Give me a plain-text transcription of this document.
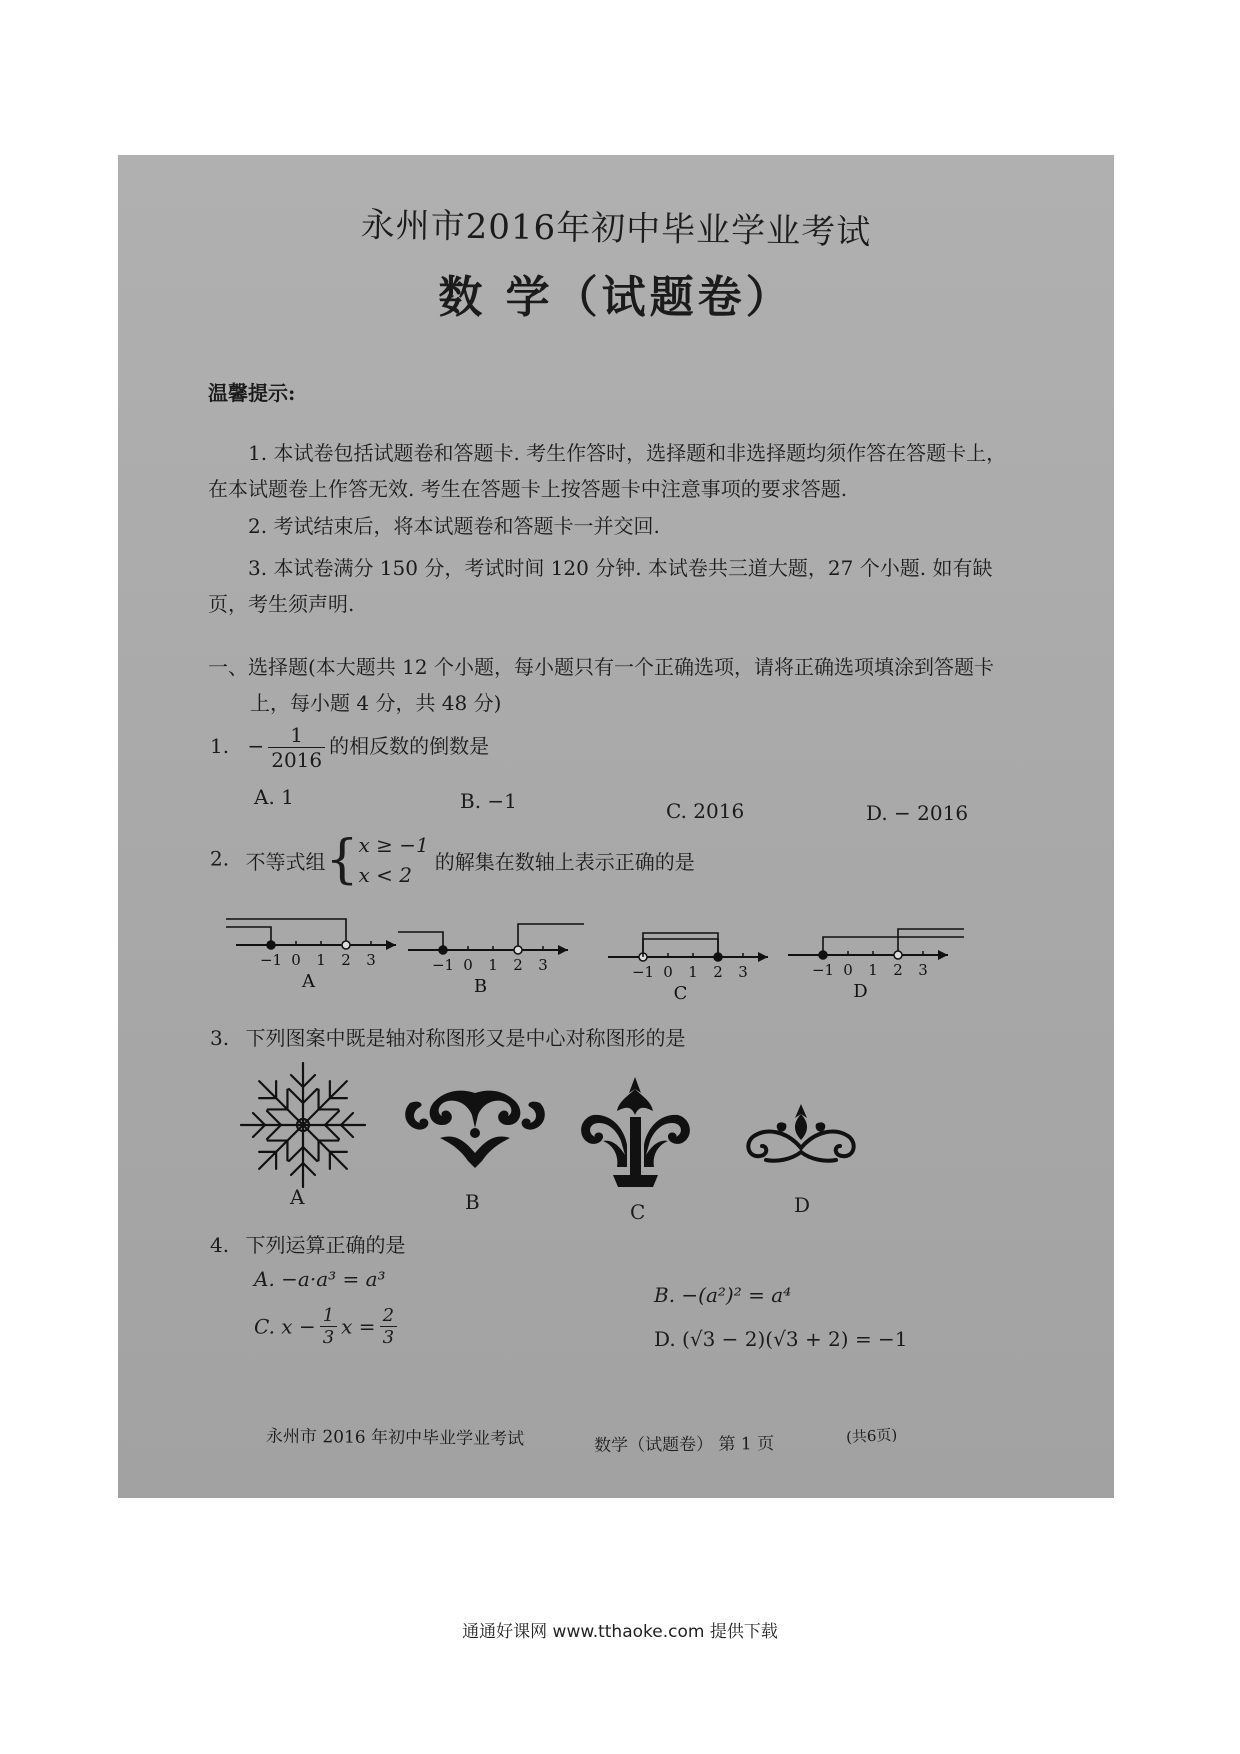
永州市2016年初中毕业学业考试
数 学（试题卷）
温馨提示:
1. 本试卷包括试题卷和答题卡. 考生作答时，选择题和非选择题均须作答在答题卡上，
在本试题卷上作答无效. 考生在答题卡上按答题卡中注意事项的要求答题.
2. 考试结束后，将本试题卷和答题卡一并交回.
3. 本试卷满分 150 分，考试时间 120 分钟. 本试卷共三道大题，27 个小题. 如有缺
页，考生须声明.
一、选择题(本大题共 12 个小题，每小题只有一个正确选项，请将正确选项填涂到答题卡
上，每小题 4 分，共 48 分)
1. − $\frac{1}{2016}$ 的相反数的倒数是
A. 1	B. −1	C. 2016	D. − 2016
2. 不等式组{ x ≥ −1
x < 2
的解集在数轴上表示正确的是
−1 0 1 2 3
A
−1 0 1 2 3
B
−1 0 1 2 3
C
−1 0 1 2 3
D
3. 下列图案中既是轴对称图形又是中心对称图形的是
A	B	C	D
4. 下列运算正确的是
A. −a·a³ = a³
B. −(a²)² = a⁴
C. $x - \frac{1}{3}$ $x = \frac{2}{3}$	D. (√3 − 2)(√3 + 2) = −1
永州市 2016 年初中毕业学业考试	数学（试题卷） 第 1 页	(共6页)
通通好课网 www.tthaoke.com 提供下载
